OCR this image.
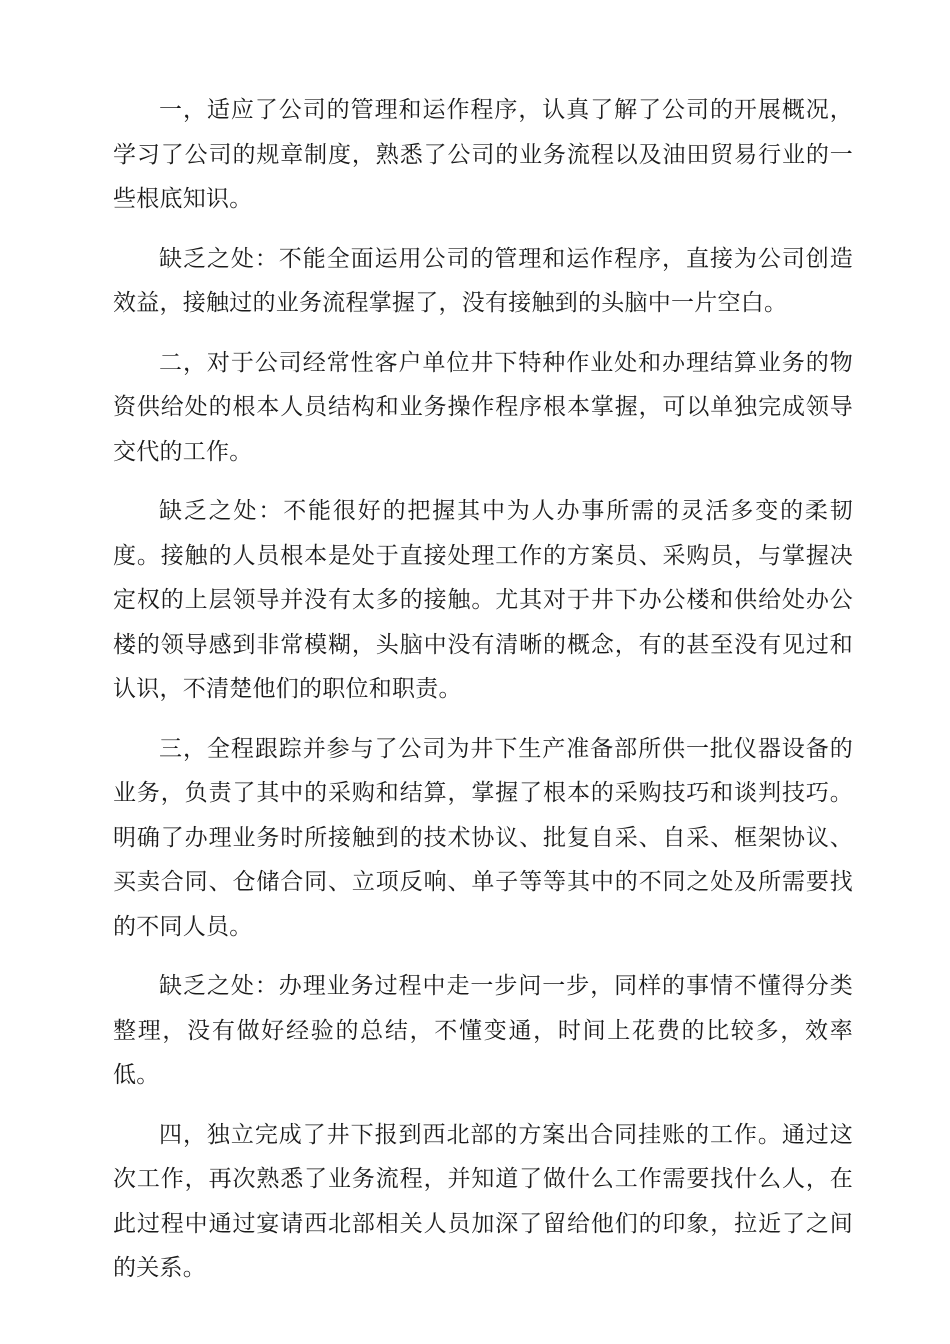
一，适应了公司的管理和运作程序，认真了解了公司的开展概况，学习了公司的规章制度，熟悉了公司的业务流程以及油田贸易行业的一些根底知识。

缺乏之处：不能全面运用公司的管理和运作程序，直接为公司创造效益，接触过的业务流程掌握了，没有接触到的头脑中一片空白。

二，对于公司经常性客户单位井下特种作业处和办理结算业务的物资供给处的根本人员结构和业务操作程序根本掌握，可以单独完成领导交代的工作。

缺乏之处：不能很好的把握其中为人办事所需的灵活多变的柔韧度。接触的人员根本是处于直接处理工作的方案员、采购员，与掌握决定权的上层领导并没有太多的接触。尤其对于井下办公楼和供给处办公楼的领导感到非常模糊，头脑中没有清晰的概念，有的甚至没有见过和认识，不清楚他们的职位和职责。

三，全程跟踪并参与了公司为井下生产准备部所供一批仪器设备的业务，负责了其中的采购和结算，掌握了根本的采购技巧和谈判技巧。明确了办理业务时所接触到的技术协议、批复自采、自采、框架协议、买卖合同、仓储合同、立项反响、单子等等其中的不同之处及所需要找的不同人员。

缺乏之处：办理业务过程中走一步问一步，同样的事情不懂得分类整理，没有做好经验的总结，不懂变通，时间上花费的比较多，效率低。

四，独立完成了井下报到西北部的方案出合同挂账的工作。通过这次工作，再次熟悉了业务流程，并知道了做什么工作需要找什么人，在此过程中通过宴请西北部相关人员加深了留给他们的印象，拉近了之间的关系。
